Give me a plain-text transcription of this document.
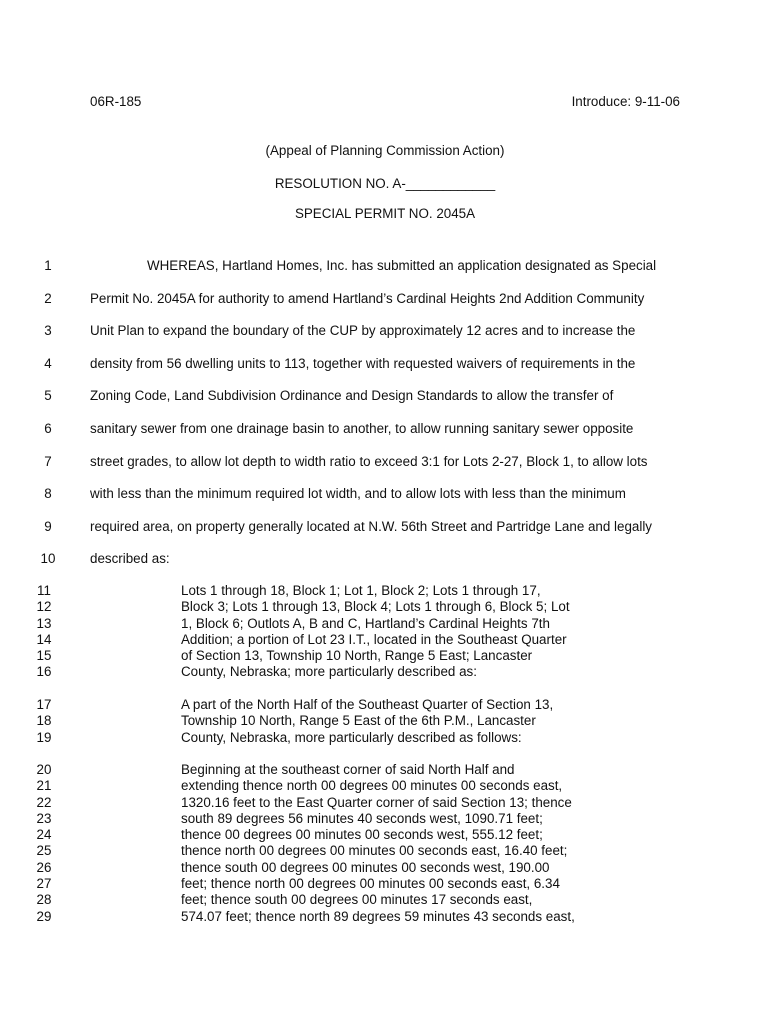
06R-185	Introduce: 9-11-06
(Appeal of Planning Commission Action)
RESOLUTION NO. A-____________
SPECIAL PERMIT NO. 2045A
1	WHEREAS, Hartland Homes, Inc. has submitted an application designated as Special
2	Permit No. 2045A for authority to amend Hartland’s Cardinal Heights 2nd Addition Community
3	Unit Plan to expand the boundary of the CUP by approximately 12 acres and to increase the
4	density from 56 dwelling units to 113, together with requested waivers of requirements in the
5	Zoning Code, Land Subdivision Ordinance and Design Standards to allow the transfer of
6	sanitary sewer from one drainage basin to another, to allow running sanitary sewer opposite
7	street grades, to allow lot depth to width ratio to exceed 3:1 for Lots 2-27, Block 1, to allow lots
8	with less than the minimum required lot width, and to allow lots with less than the minimum
9	required area, on property generally located at N.W. 56th Street and Partridge Lane and legally
10	described as:
11	Lots 1 through 18, Block 1; Lot 1, Block 2; Lots 1 through 17,
12	Block 3; Lots 1 through 13, Block 4; Lots 1 through 6, Block 5; Lot
13	1, Block 6; Outlots A, B and C, Hartland’s Cardinal Heights 7th
14	Addition; a portion of Lot 23 I.T., located in the Southeast Quarter
15	of Section 13, Township 10 North, Range 5 East; Lancaster
16	County, Nebraska; more particularly described as:
17	A part of the North Half of the Southeast Quarter of Section 13,
18	Township 10 North, Range 5 East of the 6th P.M., Lancaster
19	County, Nebraska, more particularly described as follows:
20	Beginning at the southeast corner of said North Half and
21	extending thence north 00 degrees 00 minutes 00 seconds east,
22	1320.16 feet to the East Quarter corner of said Section 13; thence
23	south 89 degrees 56 minutes 40 seconds west, 1090.71 feet;
24	thence 00 degrees 00 minutes 00 seconds west, 555.12 feet;
25	thence north 00 degrees 00 minutes 00 seconds east, 16.40 feet;
26	thence south 00 degrees 00 minutes 00 seconds west, 190.00
27	feet; thence north 00 degrees 00 minutes 00 seconds east, 6.34
28	feet; thence south 00 degrees 00 minutes 17 seconds east,
29	574.07 feet; thence north 89 degrees 59 minutes 43 seconds east,
